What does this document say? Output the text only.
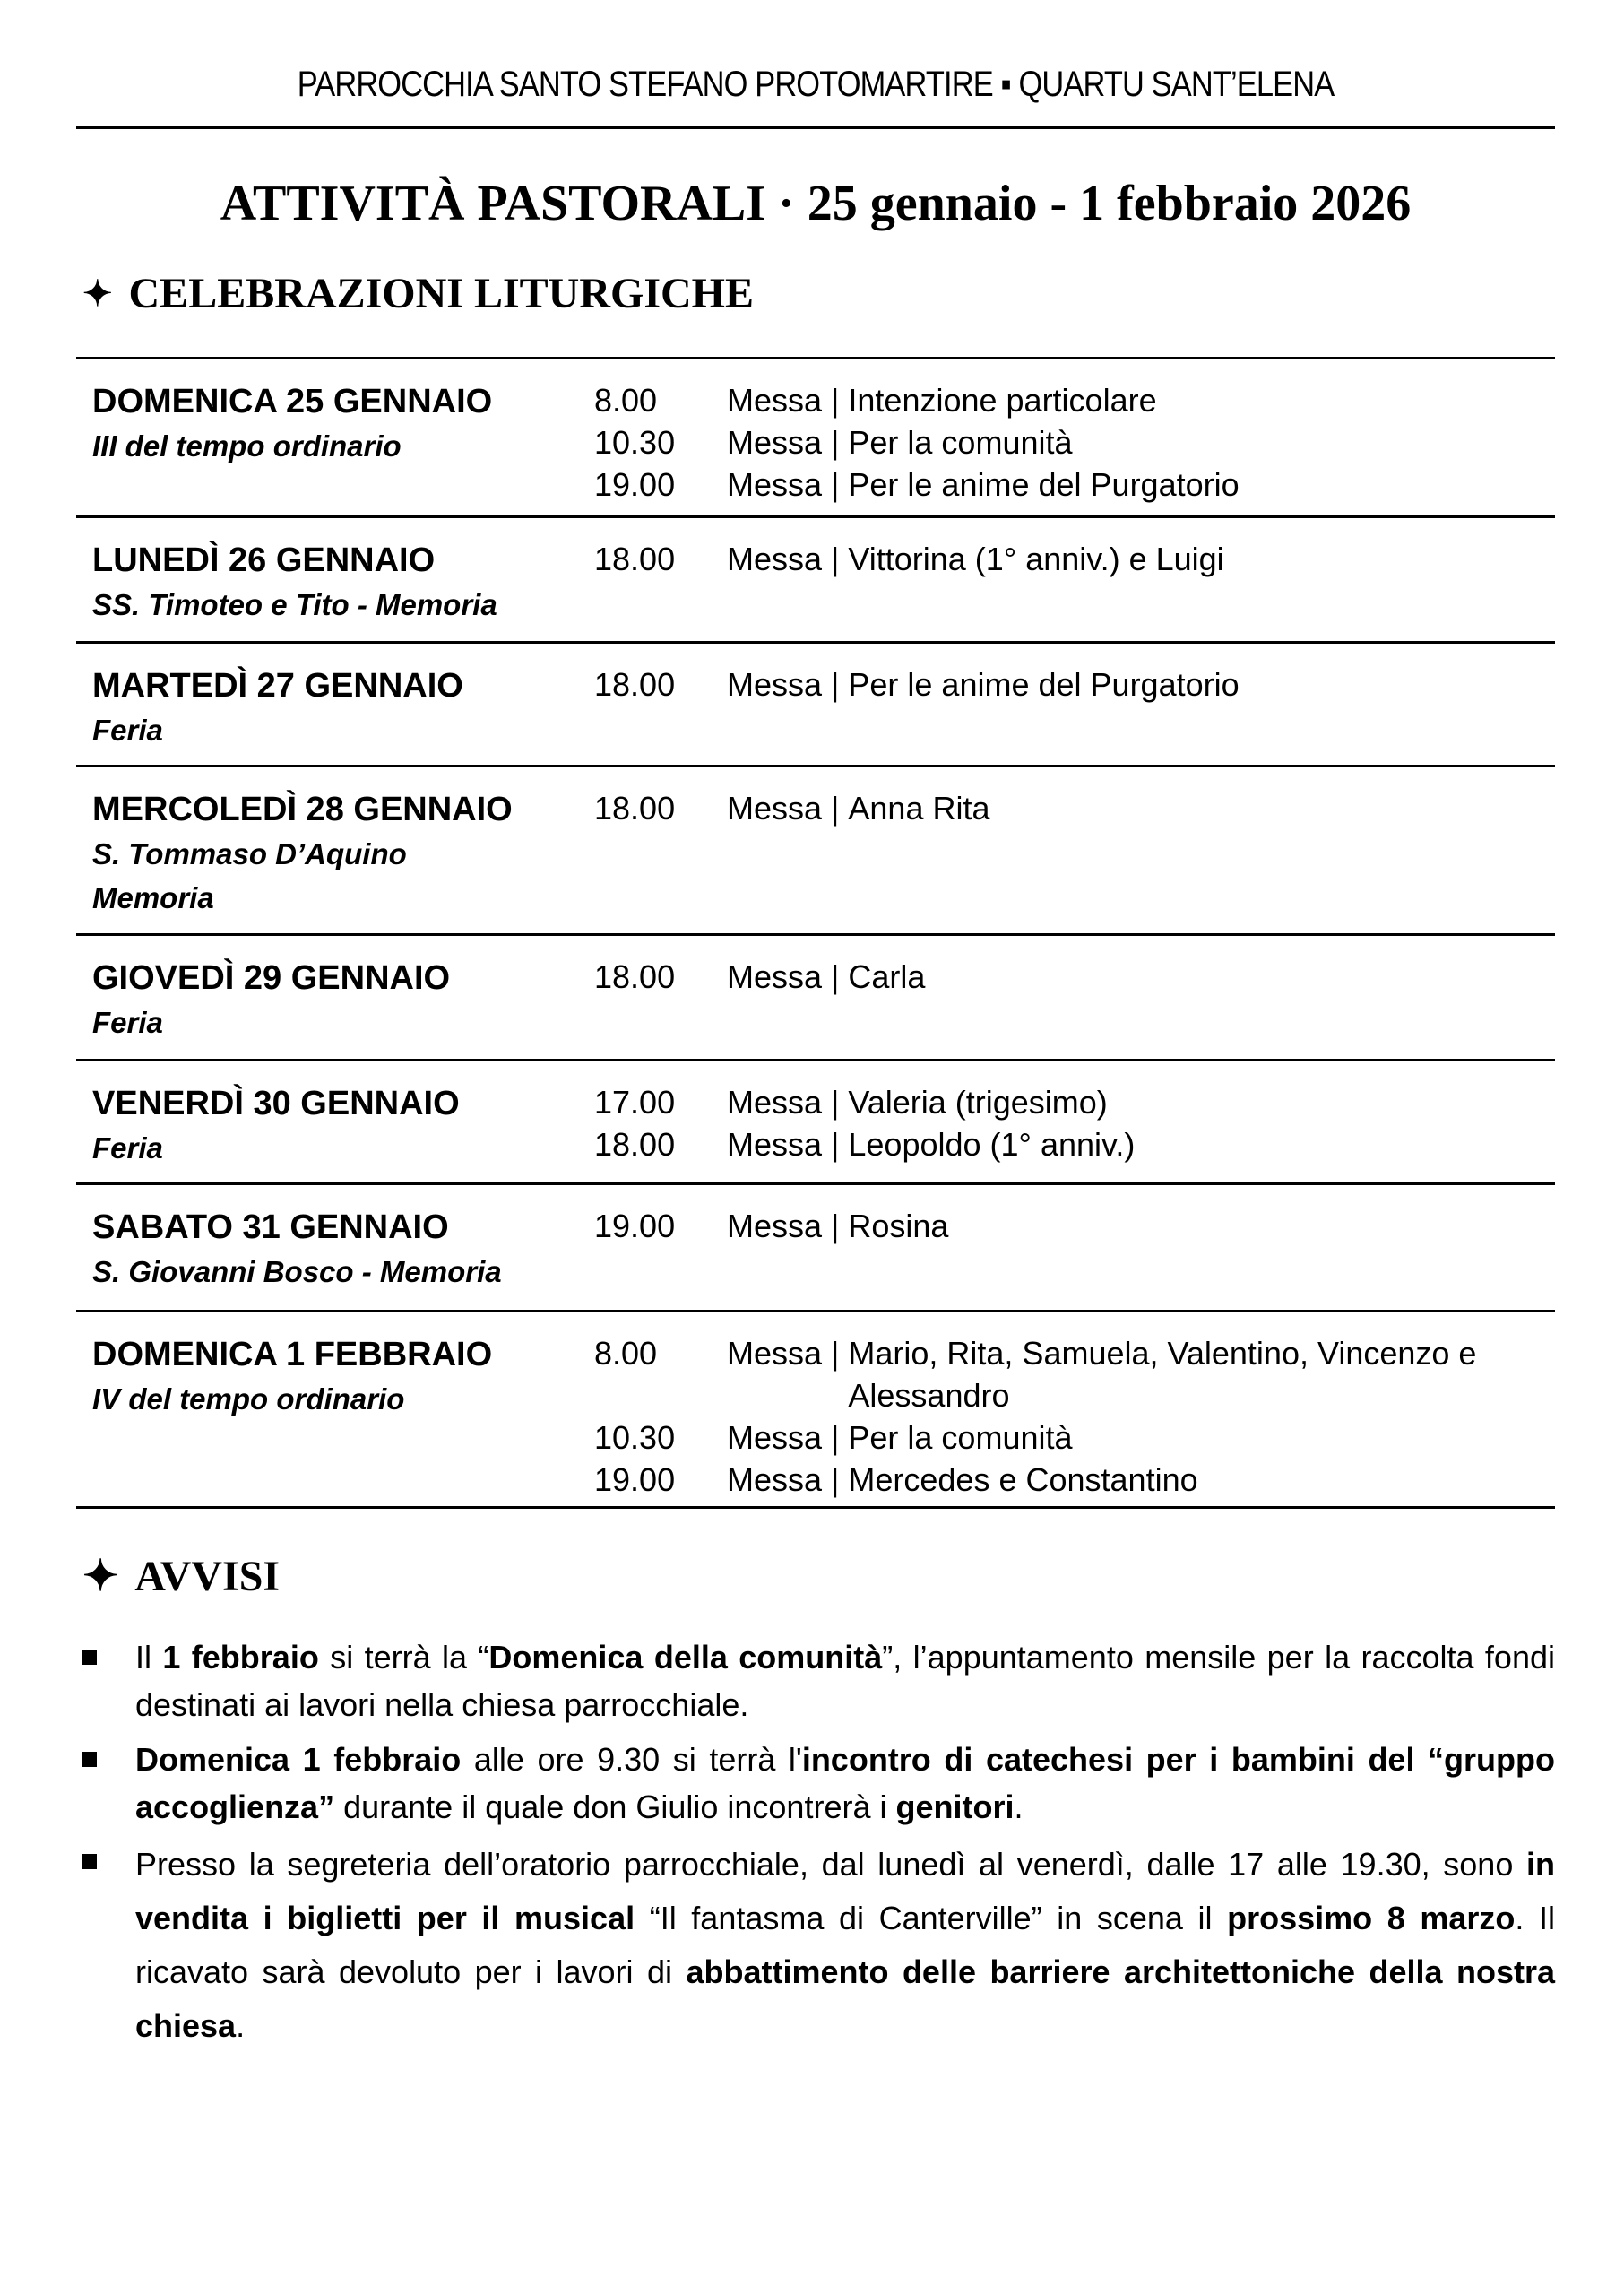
PARROCCHIA SANTO STEFANO PROTOMARTIRE ▪ QUARTU SANT’ELENA
ATTIVITÀ PASTORALI · 25 gennaio - 1 febbraio 2026
✦ CELEBRAZIONI LITURGICHE
DOMENICA 25 GENNAIO
III del tempo ordinario
8.00	Messa | Intenzione particolare
10.30	Messa | Per la comunità
19.00	Messa | Per le anime del Purgatorio
LUNEDÌ 26 GENNAIO
SS. Timoteo e Tito - Memoria
18.00	Messa | Vittorina (1° anniv.) e Luigi
MARTEDÌ 27 GENNAIO
Feria
18.00	Messa | Per le anime del Purgatorio
MERCOLEDÌ 28 GENNAIO
S. Tommaso D’Aquino
Memoria
18.00	Messa | Anna Rita
GIOVEDÌ 29 GENNAIO
Feria
18.00	Messa | Carla
VENERDÌ 30 GENNAIO
Feria
17.00	Messa | Valeria (trigesimo)
18.00	Messa | Leopoldo (1° anniv.)
SABATO 31 GENNAIO
S. Giovanni Bosco - Memoria
19.00	Messa | Rosina
DOMENICA 1 FEBBRAIO
IV del tempo ordinario
8.00	Messa | Mario, Rita, Samuela, Valentino, Vincenzo e Alessandro
10.30	Messa | Per la comunità
19.00	Messa | Mercedes e Constantino
✦ AVVISI
Il 1 febbraio si terrà la “Domenica della comunità”, l’appuntamento mensile per la raccolta fondi destinati ai lavori nella chiesa parrocchiale.
Domenica 1 febbraio alle ore 9.30 si terrà l'incontro di catechesi per i bambini del “gruppo accoglienza” durante il quale don Giulio incontrerà i genitori.
Presso la segreteria dell’oratorio parrocchiale, dal lunedì al venerdì, dalle 17 alle 19.30, sono in vendita i biglietti per il musical “Il fantasma di Canterville” in scena il prossimo 8 marzo. Il ricavato sarà devoluto per i lavori di abbattimento delle barriere architettoniche della nostra chiesa.
